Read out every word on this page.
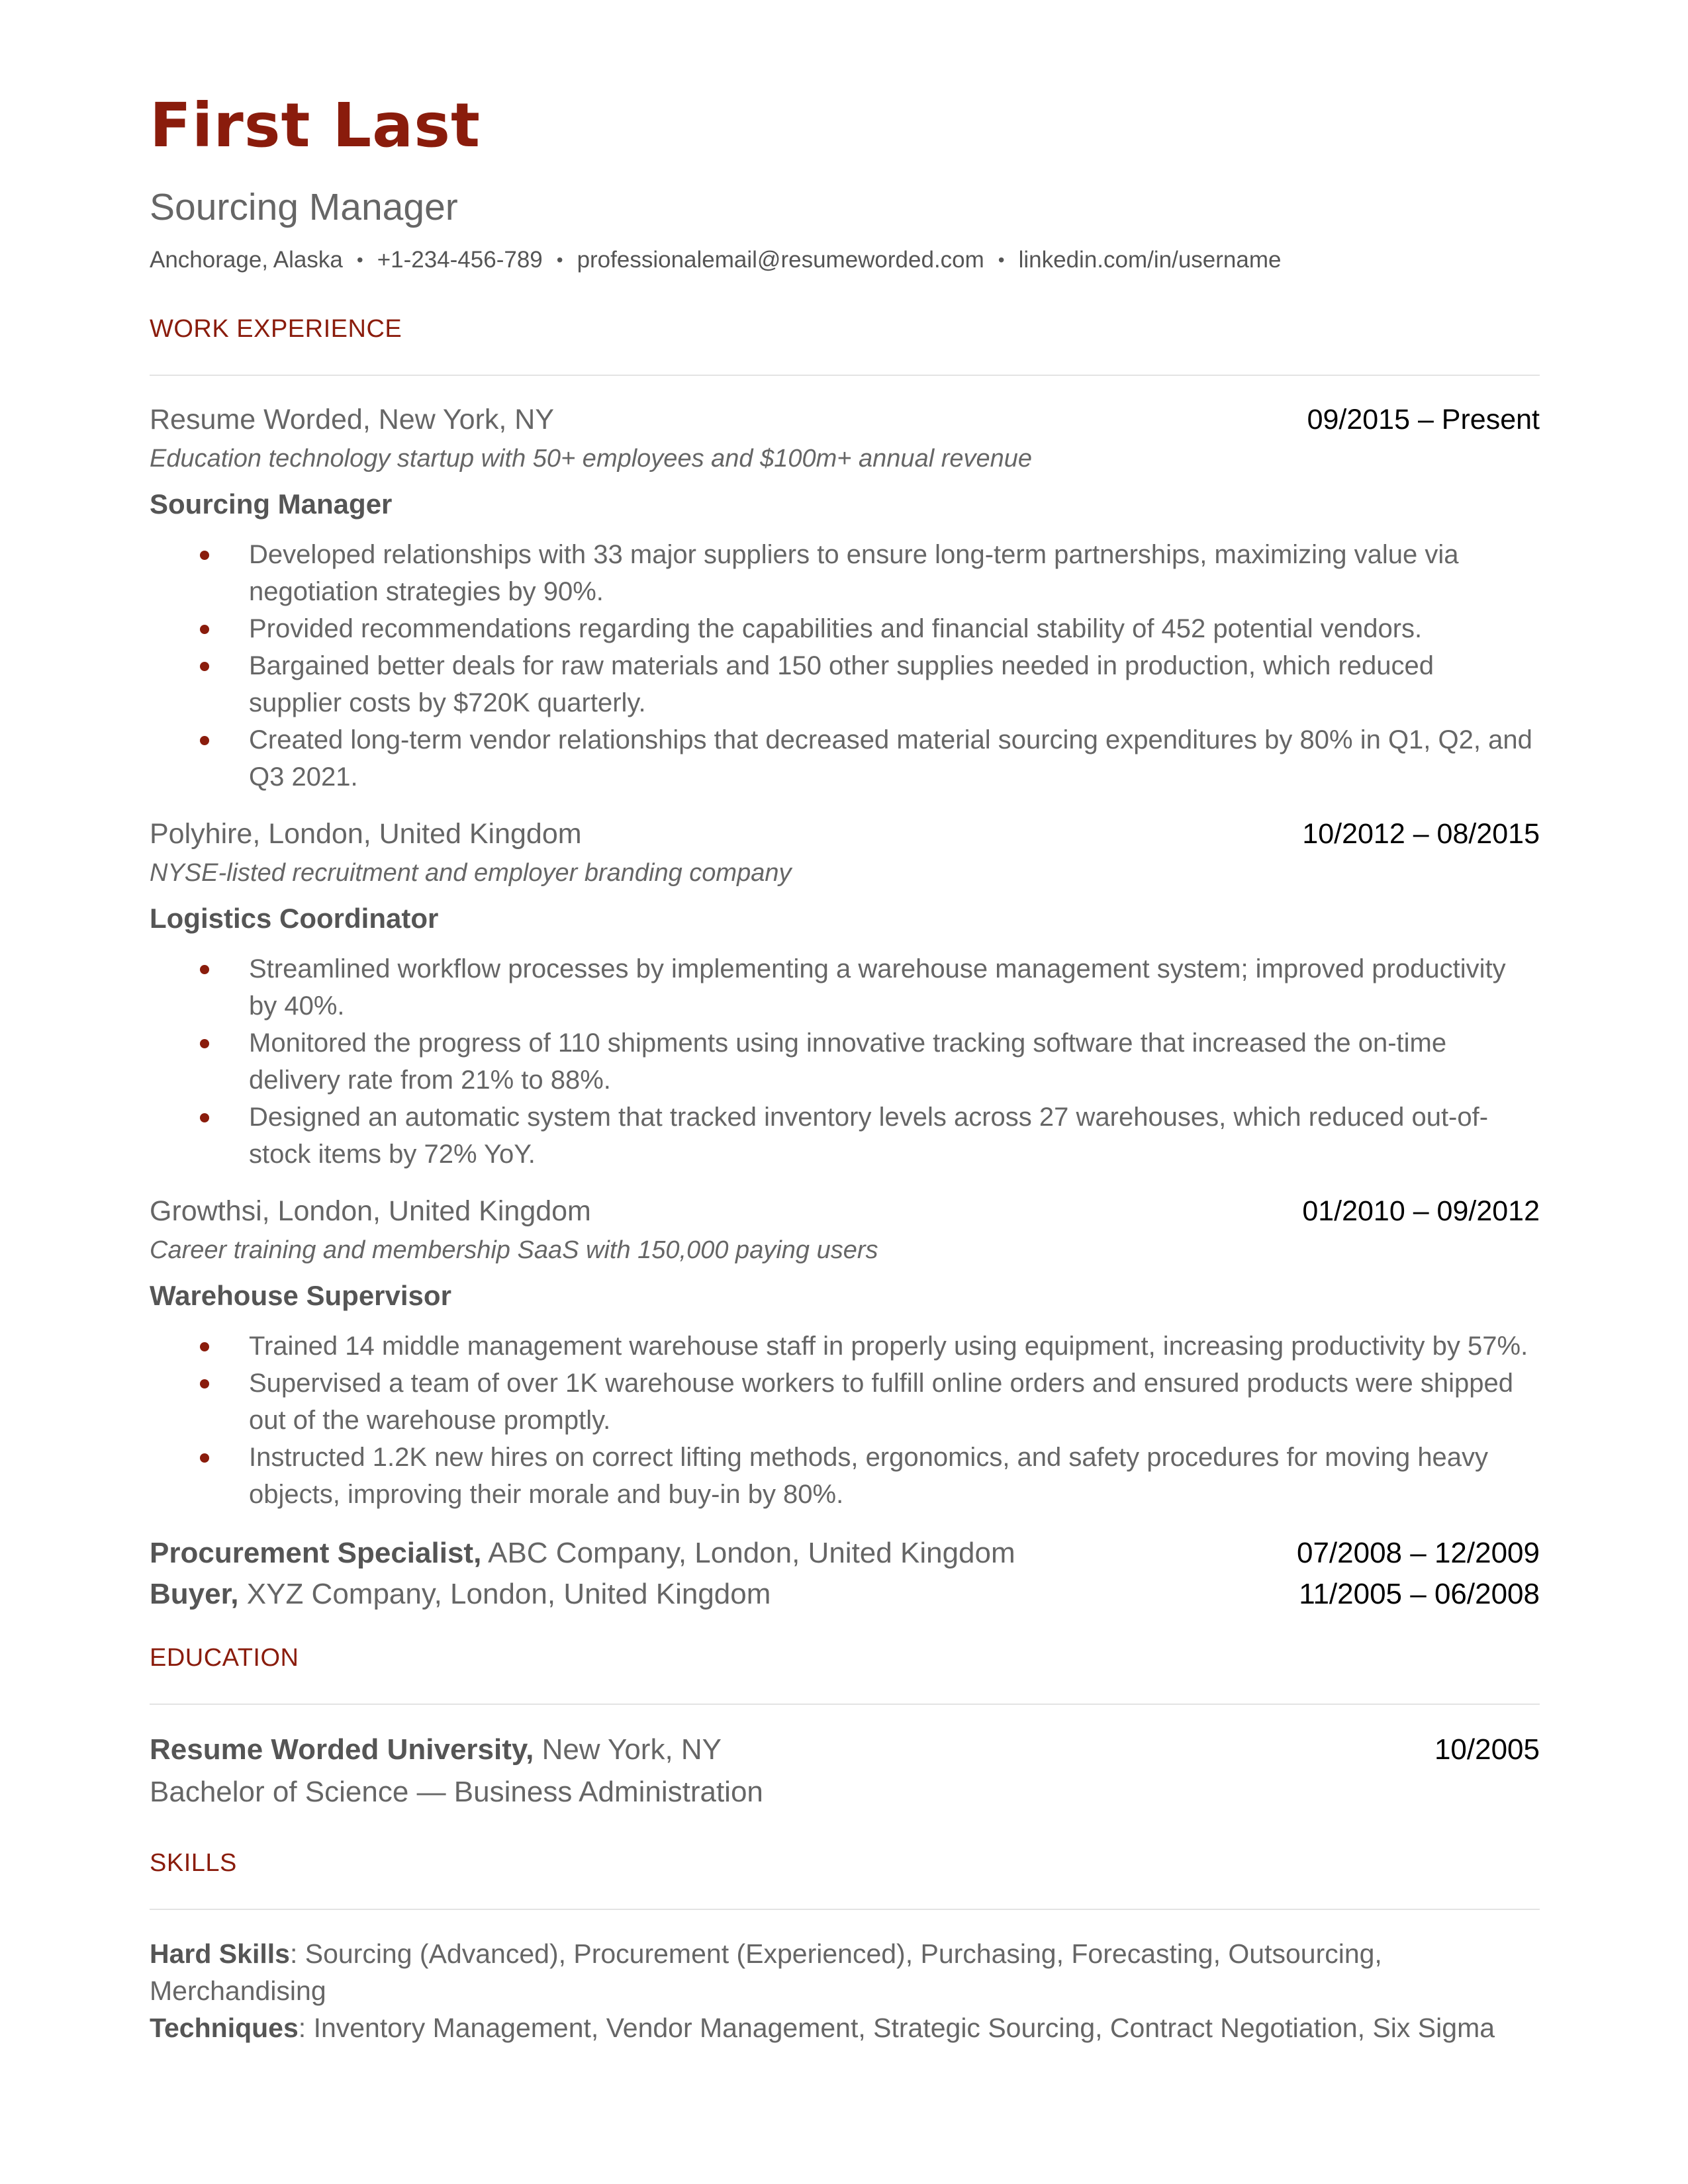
First Last
Sourcing Manager
Anchorage, Alaska • +1-234-456-789 • professionalemail@resumeworded.com • linkedin.com/in/username
WORK EXPERIENCE
Resume Worded, New York, NY	09/2015 – Present
Education technology startup with 50+ employees and $100m+ annual revenue
Sourcing Manager
Developed relationships with 33 major suppliers to ensure long-term partnerships, maximizing value via negotiation strategies by 90%.
Provided recommendations regarding the capabilities and financial stability of 452 potential vendors.
Bargained better deals for raw materials and 150 other supplies needed in production, which reduced supplier costs by $720K quarterly.
Created long-term vendor relationships that decreased material sourcing expenditures by 80% in Q1, Q2, and Q3 2021.
Polyhire, London, United Kingdom	10/2012 – 08/2015
NYSE-listed recruitment and employer branding company
Logistics Coordinator
Streamlined workflow processes by implementing a warehouse management system; improved productivity by 40%.
Monitored the progress of 110 shipments using innovative tracking software that increased the on-time delivery rate from 21% to 88%.
Designed an automatic system that tracked inventory levels across 27 warehouses, which reduced out-of-stock items by 72% YoY.
Growthsi, London, United Kingdom	01/2010 – 09/2012
Career training and membership SaaS with 150,000 paying users
Warehouse Supervisor
Trained 14 middle management warehouse staff in properly using equipment, increasing productivity by 57%.
Supervised a team of over 1K warehouse workers to fulfill online orders and ensured products were shipped out of the warehouse promptly.
Instructed 1.2K new hires on correct lifting methods, ergonomics, and safety procedures for moving heavy objects, improving their morale and buy-in by 80%.
Procurement Specialist, ABC Company, London, United Kingdom	07/2008 – 12/2009
Buyer, XYZ Company, London, United Kingdom	11/2005 – 06/2008
EDUCATION
Resume Worded University, New York, NY	10/2005
Bachelor of Science — Business Administration
SKILLS
Hard Skills: Sourcing (Advanced), Procurement (Experienced), Purchasing, Forecasting, Outsourcing, Merchandising
Techniques: Inventory Management, Vendor Management, Strategic Sourcing, Contract Negotiation, Six Sigma
